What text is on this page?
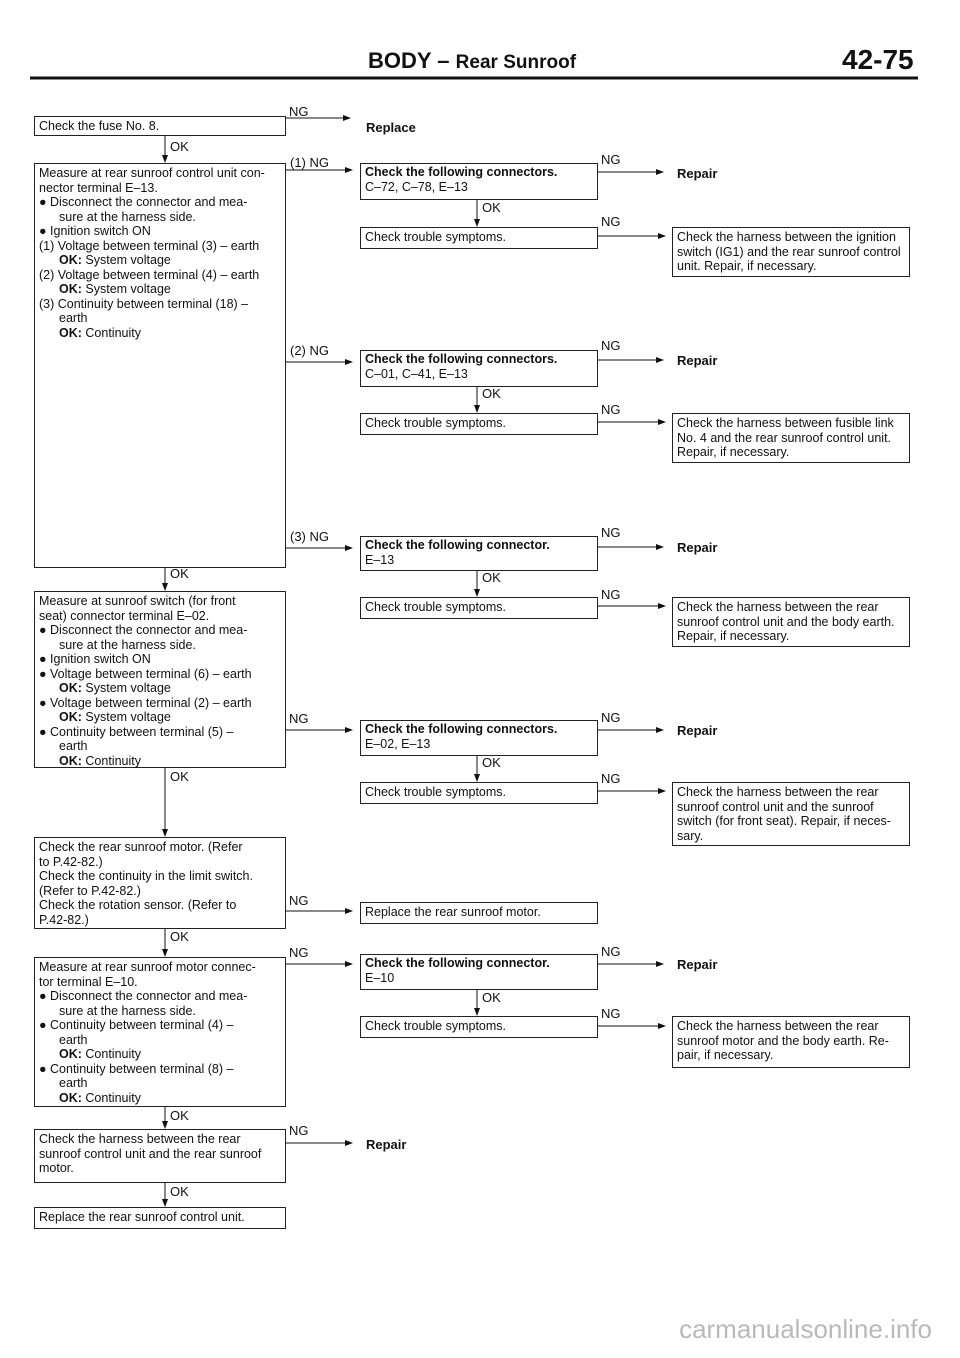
BODY – Rear Sunroof	42-75
Check the fuse No. 8.
NG
Replace
OK
Measure at rear sunroof control unit con-
nector terminal E–13.
● Disconnect the connector and mea-
sure at the harness side.
● Ignition switch ON
(1) Voltage between terminal (3) – earth
OK: System voltage
(2) Voltage between terminal (4) – earth
OK: System voltage
(3) Continuity between terminal (18) –
earth
OK: Continuity
(1) NG
(2) NG
(3) NG
OK
Measure at sunroof switch (for front
seat) connector terminal E–02.
● Disconnect the connector and mea-
sure at the harness side.
● Ignition switch ON
● Voltage between terminal (6) – earth
OK: System voltage
● Voltage between terminal (2) – earth
OK: System voltage
● Continuity between terminal (5) –
earth
OK: Continuity
NG
OK
Check the rear sunroof motor. (Refer
to P.42-82.)
Check the continuity in the limit switch.
(Refer to P.42-82.)
Check the rotation sensor. (Refer to
P.42-82.)
NG
OK
Measure at rear sunroof motor connec-
tor terminal E–10.
● Disconnect the connector and mea-
sure at the harness side.
● Continuity between terminal (4) –
earth
OK: Continuity
● Continuity between terminal (8) –
earth
OK: Continuity
NG
OK
Check the harness between the rear
sunroof control unit and the rear sunroof
motor.
NG
Repair
OK
Replace the rear sunroof control unit.
Check the following connectors.
C–72, C–78, E–13
OK
Check trouble symptoms.
NG
Repair
NG
Check the following connectors.
C–01, C–41, E–13
OK
Check trouble symptoms.
NG
Repair
NG
Check the following connector.
E–13
OK
Check trouble symptoms.
NG
Repair
NG
Check the following connectors.
E–02, E–13
OK
Check trouble symptoms.
NG
Repair
NG
Replace the rear sunroof motor.
Check the following connector.
E–10
OK
Check trouble symptoms.
NG
Repair
NG
Check the harness between the ignition
switch (IG1) and the rear sunroof control
unit. Repair, if necessary.
Check the harness between fusible link
No. 4 and the rear sunroof control unit.
Repair, if necessary.
Check the harness between the rear
sunroof control unit and the body earth.
Repair, if necessary.
Check the harness between the rear
sunroof control unit and the sunroof
switch (for front seat). Repair, if neces-
sary.
Check the harness between the rear
sunroof motor and the body earth. Re-
pair, if necessary.
carmanualsonline.info
